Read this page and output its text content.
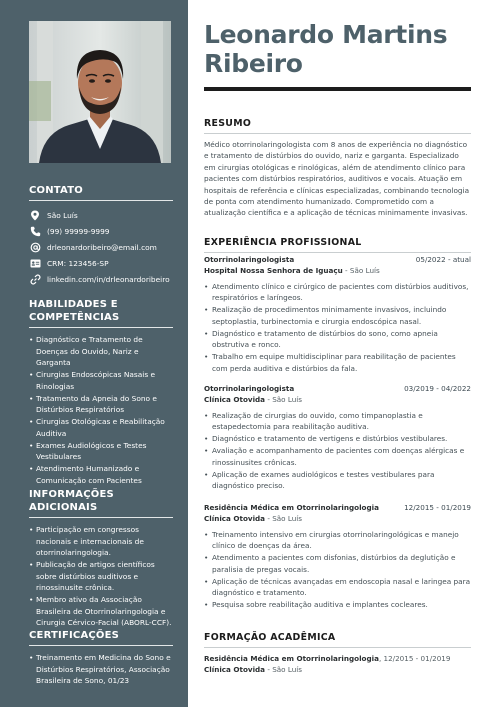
CONTATO
São Luís
(99) 99999-9999
drleonardoribeiro@email.com
CRM: 123456-SP
linkedin.com/in/drleonardoribeiro
HABILIDADES E COMPETÊNCIAS
• Diagnóstico e Tratamento de Doenças do Ouvido, Nariz e Garganta
• Cirurgias Endoscópicas Nasais e Rinologias
• Tratamento da Apneia do Sono e Distúrbios Respiratórios
• Cirurgias Otológicas e Reabilitação Auditiva
• Exames Audiológicos e Testes Vestibulares
• Atendimento Humanizado e Comunicação com Pacientes
INFORMAÇÕES ADICIONAIS
• Participação em congressos nacionais e internacionais de otorrinolaringologia.
• Publicação de artigos científicos sobre distúrbios auditivos e rinossinusite crônica.
• Membro ativo da Associação Brasileira de Otorrinolaringologia e Cirurgia Cérvico-Facial (ABORL-CCF).
CERTIFICAÇÕES
• Treinamento em Medicina do Sono e Distúrbios Respiratórios, Associação Brasileira de Sono, 01/23
Leonardo Martins Ribeiro
RESUMO
Médico otorrinolaringologista com 8 anos de experiência no diagnóstico e tratamento de distúrbios do ouvido, nariz e garganta. Especializado em cirurgias otológicas e rinológicas, além de atendimento clínico para pacientes com distúrbios respiratórios, auditivos e vocais. Atuação em hospitais de referência e clínicas especializadas, combinando tecnologia de ponta com atendimento humanizado. Comprometido com a atualização científica e a aplicação de técnicas minimamente invasivas.
EXPERIÊNCIA PROFISSIONAL
Otorrinolaringologista	05/2022 - atual
Hospital Nossa Senhora de Iguaçu - São Luís
• Atendimento clínico e cirúrgico de pacientes com distúrbios auditivos, respiratórios e laríngeos.
• Realização de procedimentos minimamente invasivos, incluindo septoplastia, turbinectomia e cirurgia endoscópica nasal.
• Diagnóstico e tratamento de distúrbios do sono, como apneia obstrutiva e ronco.
• Trabalho em equipe multidisciplinar para reabilitação de pacientes com perda auditiva e distúrbios da fala.
Otorrinolaringologista	03/2019 - 04/2022
Clínica Otovida - São Luís
• Realização de cirurgias do ouvido, como timpanoplastia e estapedectomia para reabilitação auditiva.
• Diagnóstico e tratamento de vertigens e distúrbios vestibulares.
• Avaliação e acompanhamento de pacientes com doenças alérgicas e rinossinusites crônicas.
• Aplicação de exames audiológicos e testes vestibulares para diagnóstico preciso.
Residência Médica em Otorrinolaringologia	12/2015 - 01/2019
Clínica Otovida - São Luís
• Treinamento intensivo em cirurgias otorrinolaringológicas e manejo clínico de doenças da área.
• Atendimento a pacientes com disfonias, distúrbios da deglutição e paralisia de pregas vocais.
• Aplicação de técnicas avançadas em endoscopia nasal e laringea para diagnóstico e tratamento.
• Pesquisa sobre reabilitação auditiva e implantes cocleares.
FORMAÇÃO ACADÊMICA
Residência Médica em Otorrinolaringologia, 12/2015 - 01/2019
Clínica Otovida - São Luís
